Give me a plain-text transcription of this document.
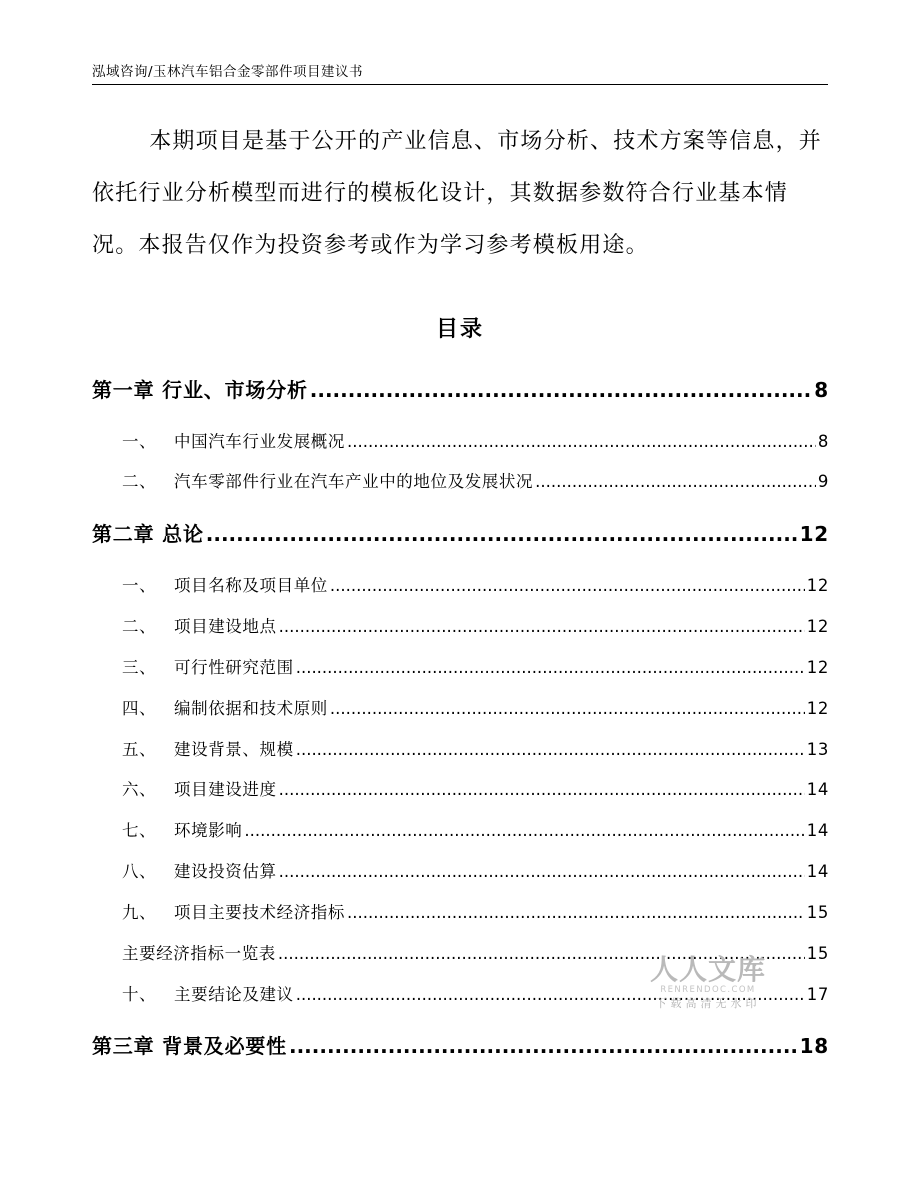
泓域咨询/玉林汽车铝合金零部件项目建议书

本期项目是基于公开的产业信息、市场分析、技术方案等信息，并依托行业分析模型而进行的模板化设计，其数据参数符合行业基本情况。本报告仅作为投资参考或作为学习参考模板用途。

目录
第一章 行业、市场分析 .....	8
一、 中国汽车行业发展概况 .....	8
二、 汽车零部件行业在汽车产业中的地位及发展状况 .....	9
第二章 总论 .....	12
一、 项目名称及项目单位 .....	12
二、 项目建设地点 .....	12
三、 可行性研究范围 .....	12
四、 编制依据和技术原则 .....	12
五、 建设背景、规模 .....	13
六、 项目建设进度 .....	14
七、 环境影响 .....	14
八、 建设投资估算 .....	14
九、 项目主要技术经济指标 .....	15
主要经济指标一览表 .....	15
十、 主要结论及建议 .....	17
第三章 背景及必要性 .....	18
人人文库
RENRENDOC.COM
下载高清无水印
